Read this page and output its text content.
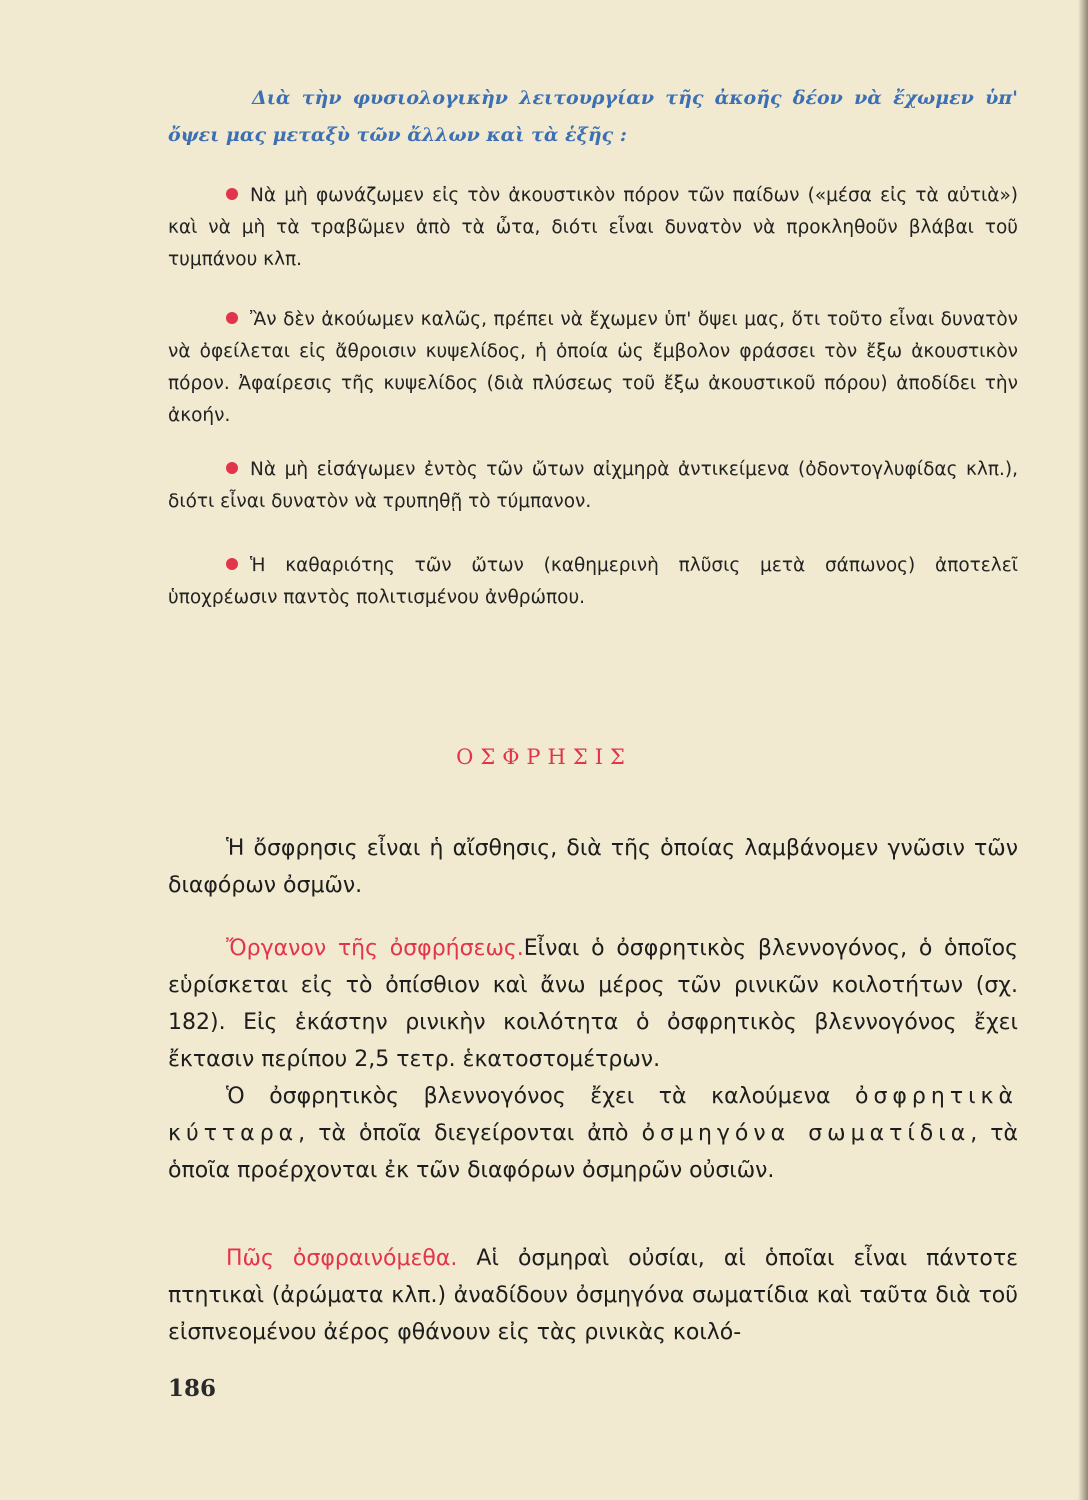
Διὰ τὴν φυσιολογικὴν λειτουργίαν τῆς ἀκοῆς δέον νὰ ἔχωμεν ὑπ' ὄψει μας μεταξὺ τῶν ἄλλων καὶ τὰ ἑξῆς :

Νὰ μὴ φωνάζωμεν εἰς τὸν ἀκουστικὸν πόρον τῶν παίδων («μέσα εἰς τὰ αὐτιὰ») καὶ νὰ μὴ τὰ τραβῶμεν ἀπὸ τὰ ὦτα, διότι εἶναι δυνατὸν νὰ προκληθοῦν βλάβαι τοῦ τυμπάνου κλπ.
Ἂν δὲν ἀκούωμεν καλῶς, πρέπει νὰ ἔχωμεν ὑπ' ὄψει μας, ὅτι τοῦτο εἶναι δυνατὸν νὰ ὀφείλεται εἰς ἄθροισιν κυψελίδος, ἡ ὁποία ὡς ἔμβολον φράσσει τὸν ἔξω ἀκουστικὸν πόρον. Ἀφαίρεσις τῆς κυψελίδος (διὰ πλύσεως τοῦ ἔξω ἀκουστικοῦ πόρου) ἀποδίδει τὴν ἀκοήν.
Νὰ μὴ εἰσάγωμεν ἐντὸς τῶν ὤτων αἰχμηρὰ ἀντικείμενα (ὀδοντογλυφίδας κλπ.), διότι εἶναι δυνατὸν νὰ τρυπηθῇ τὸ τύμπανον.
Ἡ καθαριότης τῶν ὤτων (καθημερινὴ πλῦσις μετὰ σάπωνος) ἀποτελεῖ ὑποχρέωσιν παντὸς πολιτισμένου ἀνθρώπου.
ΟΣΦΡΗΣΙΣ
Ἡ ὄσφρησις εἶναι ἡ αἴσθησις, διὰ τῆς ὁποίας λαμβάνομεν γνῶσιν τῶν διαφόρων ὀσμῶν.
Ὄργανον τῆς ὀσφρήσεως.Εἶναι ὁ ὀσφρητικὸς βλεννογόνος, ὁ ὁποῖος εὑρίσκεται εἰς τὸ ὀπίσθιον καὶ ἄνω μέρος τῶν ρινικῶν κοιλοτήτων (σχ. 182). Εἰς ἑκάστην ρινικὴν κοιλότητα ὁ ὀσφρητικὸς βλεννογόνος ἔχει ἔκτασιν περίπου 2,5 τετρ. ἑκατοστομέτρων.
Ὁ ὀσφρητικὸς βλεννογόνος ἔχει τὰ καλούμενα ὀσφρητικὰ κύτταρα, τὰ ὁποῖα διεγείρονται ἀπὸ ὀσμηγόνα σωματίδια, τὰ ὁποῖα προέρχονται ἐκ τῶν διαφόρων ὀσμηρῶν οὐσιῶν.
Πῶς ὀσφραινόμεθα. Αἱ ὀσμηραὶ οὐσίαι, αἱ ὁποῖαι εἶναι πάντοτε πτητικαὶ (ἀρώματα κλπ.) ἀναδίδουν ὀσμηγόνα σωματίδια καὶ ταῦτα διὰ τοῦ εἰσπνεομένου ἀέρος φθάνουν εἰς τὰς ρινικὰς κοιλό-
186
